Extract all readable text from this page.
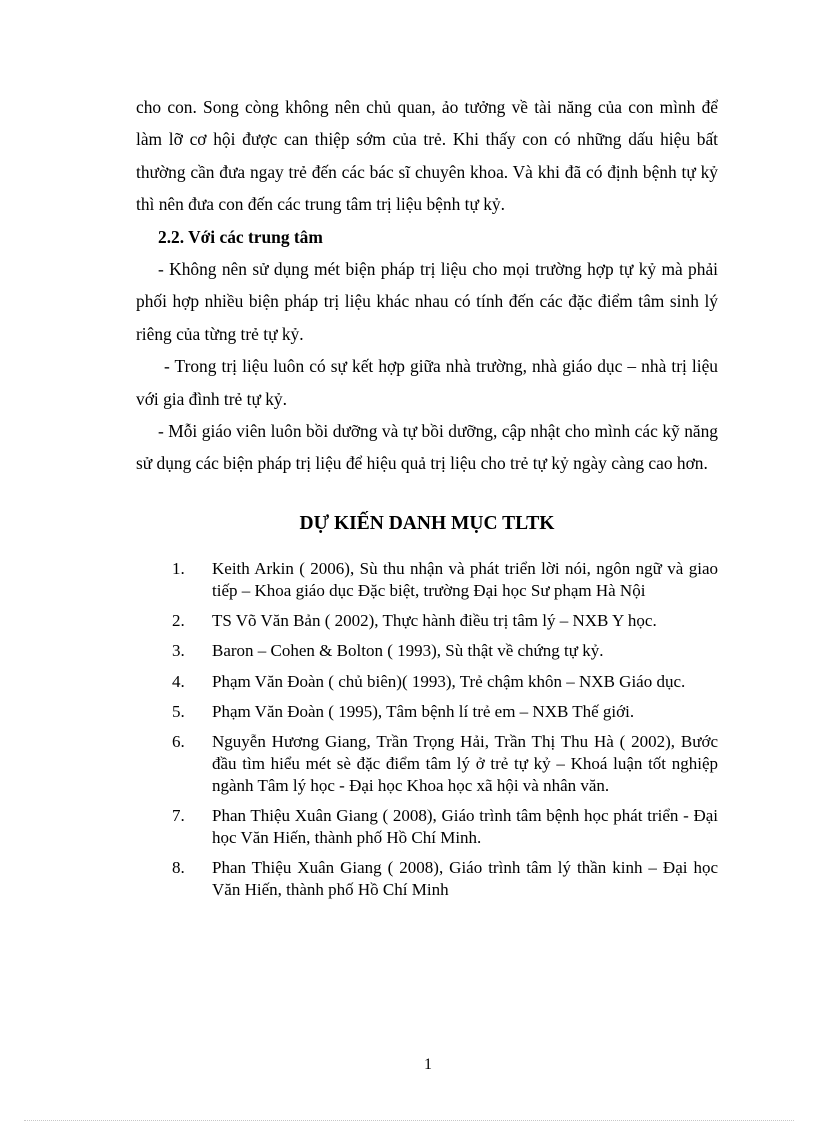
cho con. Song còng không nên chủ quan, ảo tưởng về tài năng của con mình để làm lỡ cơ hội được can thiệp sớm của trẻ. Khi thấy con có những dấu hiệu bất thường cần đưa ngay trẻ đến các bác sĩ chuyên khoa. Và khi đã có định bệnh tự kỷ thì nên đưa con đến các trung tâm trị liệu bệnh tự kỷ.

2.2. Với các trung tâm

- Không nên sử dụng mét biện pháp trị liệu cho mọi trường hợp tự kỷ mà phải phối hợp nhiều biện pháp trị liệu khác nhau có tính đến các đặc điểm tâm sinh lý riêng của từng trẻ tự kỷ.

- Trong trị liệu luôn có sự kết hợp giữa nhà trường, nhà giáo dục – nhà trị liệu với gia đình trẻ tự kỷ.

- Mỗi giáo viên luôn bồi dưỡng và tự bồi dưỡng, cập nhật cho mình các kỹ năng sử dụng các biện pháp trị liệu để hiệu quả trị liệu cho trẻ tự kỷ ngày càng cao hơn.

DỰ KIẾN DANH MỤC TLTK
1.	Keith Arkin ( 2006), Sù thu nhận và phát triển lời nói, ngôn ngữ và giao tiếp – Khoa giáo dục Đặc biệt, trường Đại học Sư phạm Hà Nội
2.	TS Võ Văn Bản ( 2002), Thực hành điều trị tâm lý – NXB Y học.
3.	Baron – Cohen & Bolton ( 1993), Sù thật về chứng tự kỷ.
4.	Phạm Văn Đoàn ( chủ biên)( 1993), Trẻ chậm khôn – NXB Giáo dục.
5.	Phạm Văn Đoàn ( 1995), Tâm bệnh lí trẻ em – NXB Thế giới.
6.	Nguyễn Hương Giang, Trần Trọng Hải, Trần Thị Thu Hà ( 2002), Bước đầu tìm hiểu mét sè đặc điểm tâm lý ở trẻ tự kỷ – Khoá luận tốt nghiệp ngành Tâm lý học - Đại học Khoa học xã hội và nhân văn.
7.	Phan Thiệu Xuân Giang ( 2008), Giáo trình tâm bệnh học phát triển - Đại học Văn Hiến, thành phố Hồ Chí Minh.
8.	Phan Thiệu Xuân Giang ( 2008), Giáo trình tâm lý thần kinh – Đại học Văn Hiến, thành phố Hồ Chí Minh

1
